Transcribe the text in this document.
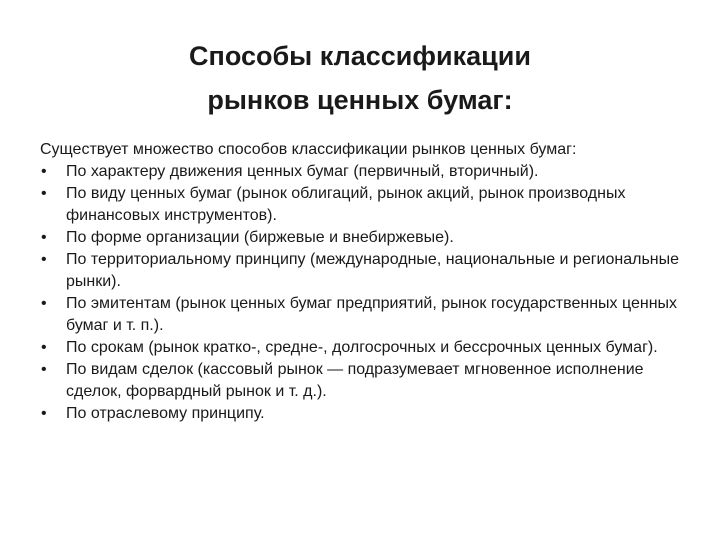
Способы классификации
рынков ценных бумаг:

Существует множество способов классификации рынков ценных бумаг:

•	По характеру движения ценных бумаг (первичный, вторичный).
•	По виду ценных бумаг (рынок облигаций, рынок акций, рынок производных финансовых инструментов).
•	По форме организации (биржевые и внебиржевые).
•	По территориальному принципу (международные, национальные и региональные рынки).
•	По эмитентам (рынок ценных бумаг предприятий, рынок государственных ценных бумаг и т. п.).
•	По срокам (рынок кратко-, средне-, долгосрочных и бессрочных ценных бумаг).
•	По видам сделок (кассовый рынок — подразумевает мгновенное исполнение сделок, форвардный рынок и т. д.).
•	По отраслевому принципу.
